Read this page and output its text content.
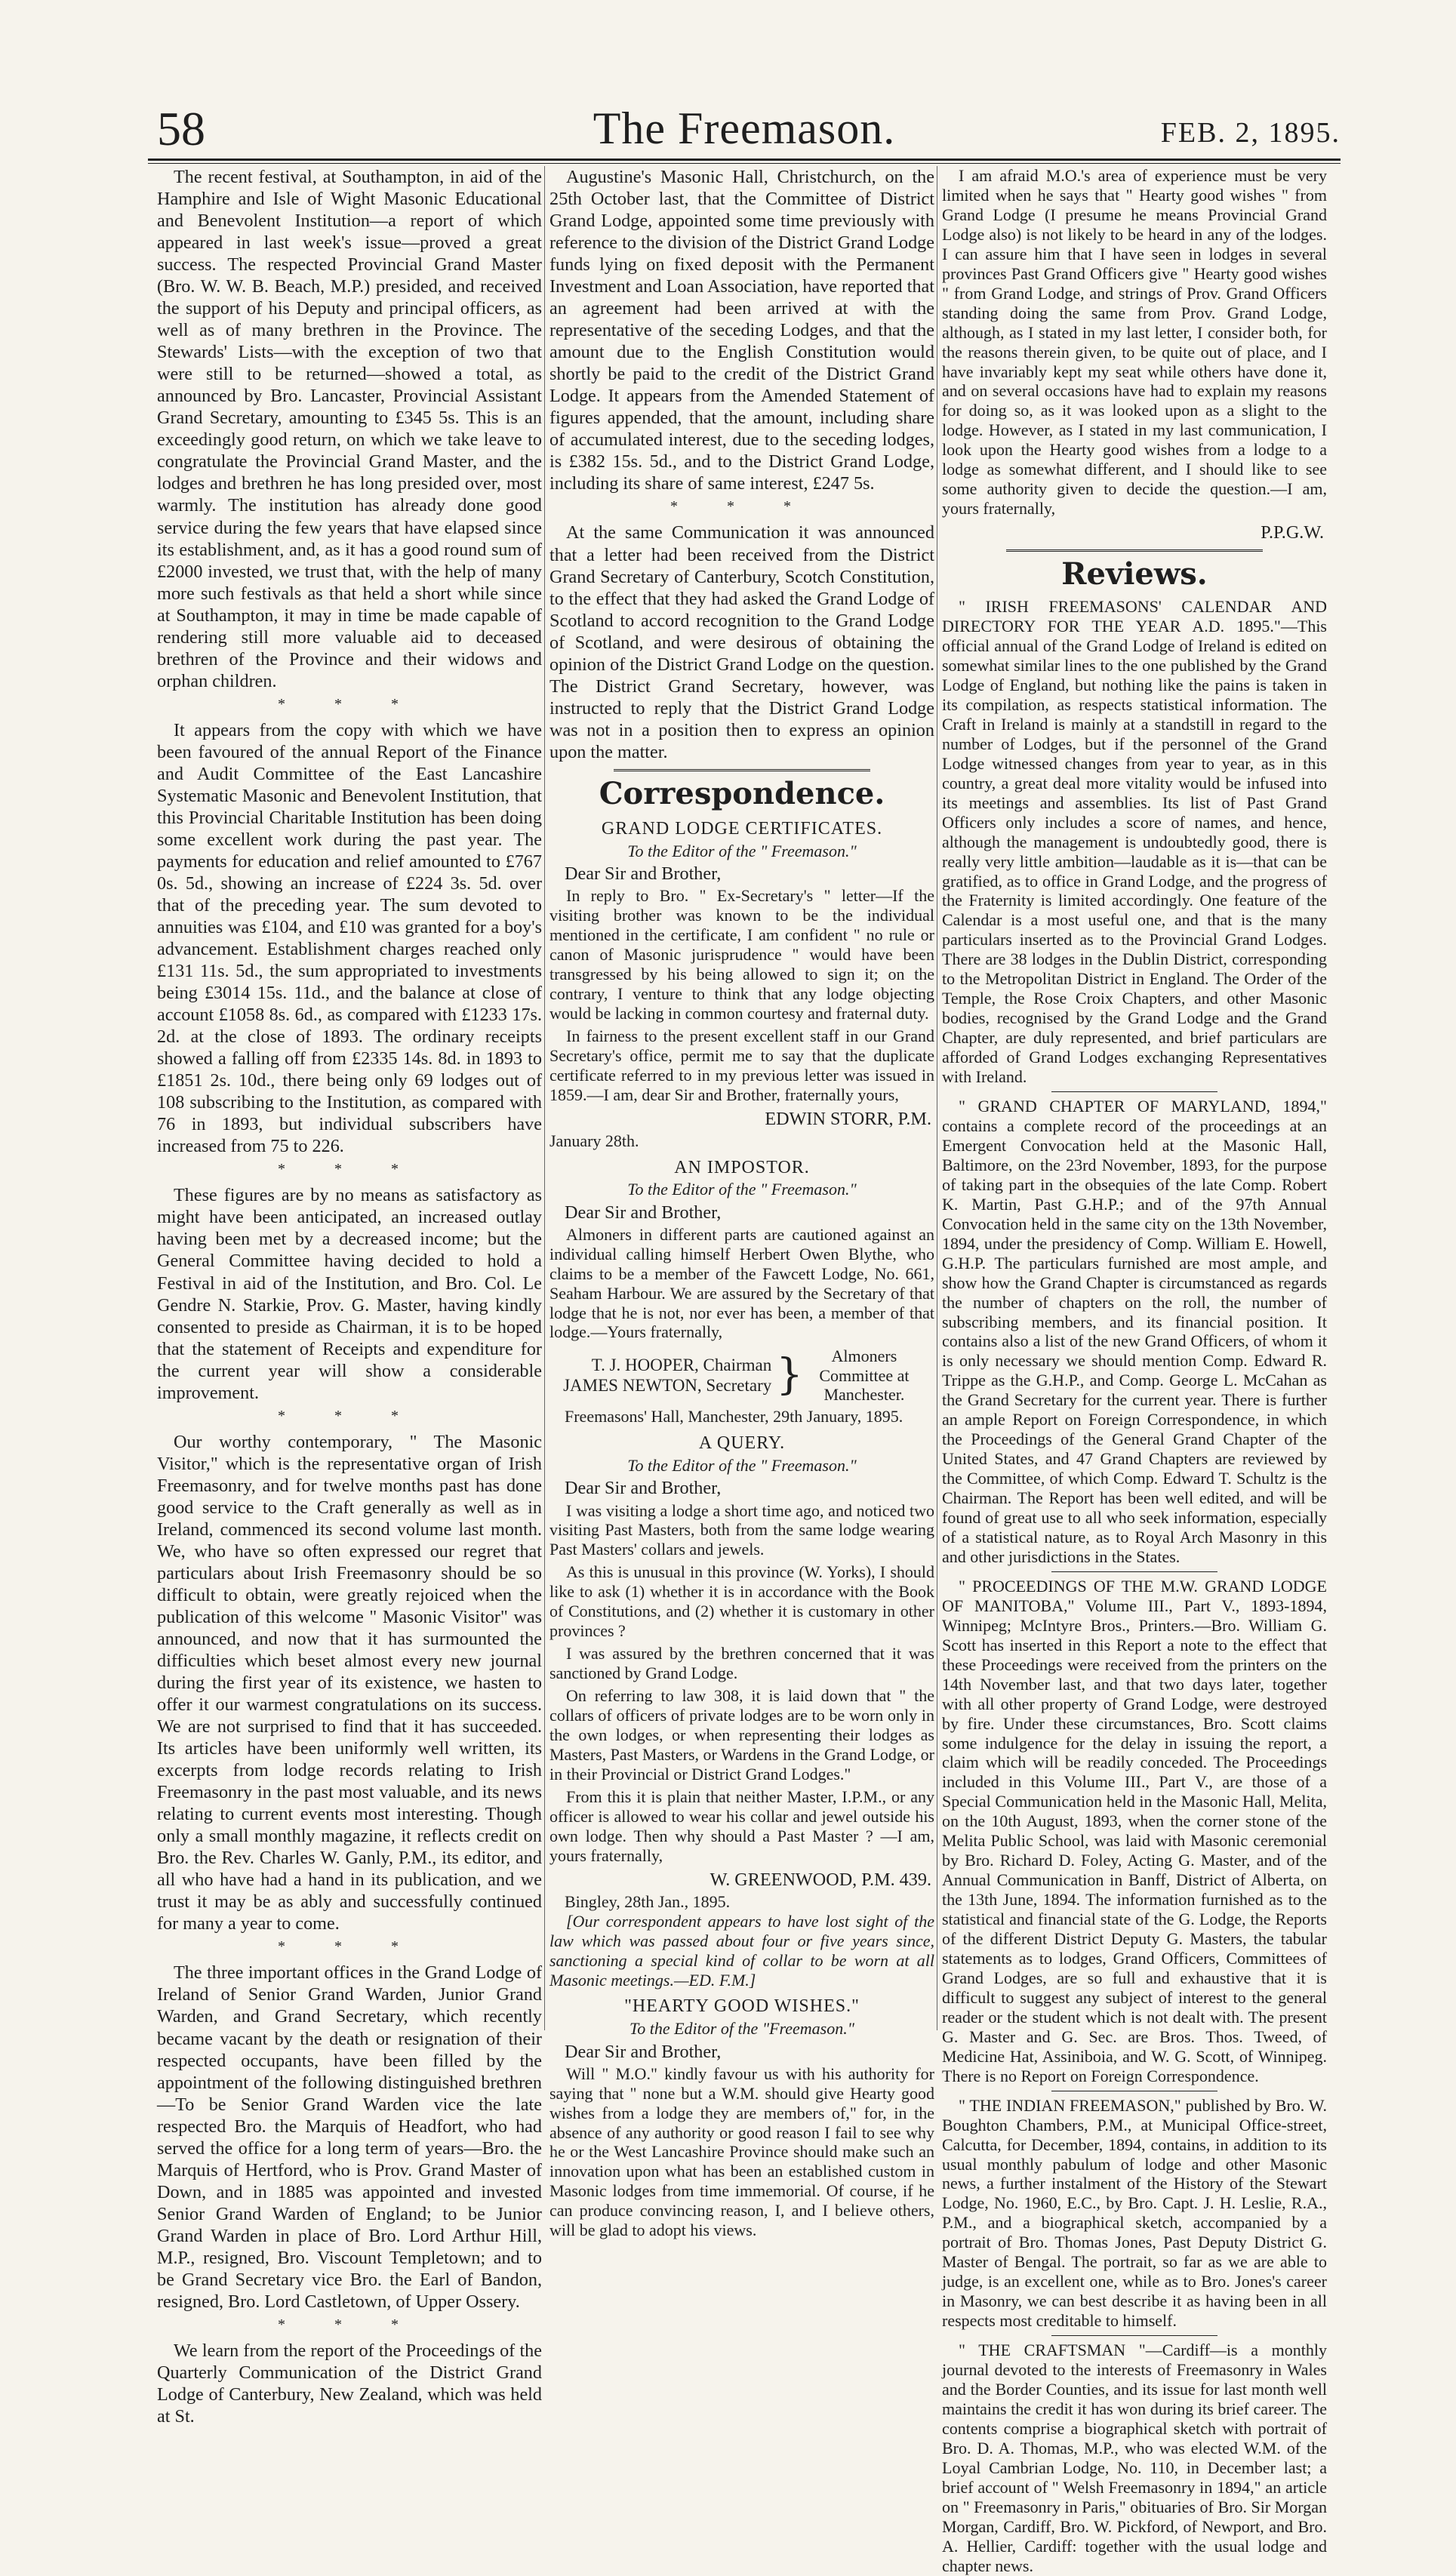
58	The Freemason.	FEB. 2, 1895.

The recent festival, at Southampton, in aid of the Hamphire and Isle of Wight Masonic Educational and Benevolent Institution—a report of which appeared in last week's issue—proved a great success. The respected Provincial Grand Master (Bro. W. W. B. Beach, M.P.) presided, and received the support of his Deputy and principal officers, as well as of many brethren in the Province. The Stewards' Lists—with the exception of two that were still to be returned—showed a total, as announced by Bro. Lancaster, Provincial Assistant Grand Secretary, amounting to £345 5s. This is an exceedingly good return, on which we take leave to congratulate the Provincial Grand Master, and the lodges and brethren he has long presided over, most warmly. The institution has already done good service during the few years that have elapsed since its establishment, and, as it has a good round sum of £2000 invested, we trust that, with the help of many more such festivals as that held a short while since at Southampton, it may in time be made capable of rendering still more valuable aid to deceased brethren of the Province and their widows and orphan children.

* * *

It appears from the copy with which we have been favoured of the annual Report of the Finance and Audit Committee of the East Lancashire Systematic Masonic and Benevolent Institution, that this Provincial Charitable Institution has been doing some excellent work during the past year. The payments for education and relief amounted to £767 0s. 5d., showing an increase of £224 3s. 5d. over that of the preceding year. The sum devoted to annuities was £104, and £10 was granted for a boy's advancement. Establishment charges reached only £131 11s. 5d., the sum appropriated to investments being £3014 15s. 11d., and the balance at close of account £1058 8s. 6d., as compared with £1233 17s. 2d. at the close of 1893. The ordinary receipts showed a falling off from £2335 14s. 8d. in 1893 to £1851 2s. 10d., there being only 69 lodges out of 108 subscribing to the Institution, as compared with 76 in 1893, but individual subscribers have increased from 75 to 226.

* * *

These figures are by no means as satisfactory as might have been anticipated, an increased outlay having been met by a decreased income; but the General Committee having decided to hold a Festival in aid of the Institution, and Bro. Col. Le Gendre N. Starkie, Prov. G. Master, having kindly consented to preside as Chairman, it is to be hoped that the statement of Receipts and expenditure for the current year will show a considerable improvement.

* * *

Our worthy contemporary, " The Masonic Visitor," which is the representative organ of Irish Freemasonry, and for twelve months past has done good service to the Craft generally as well as in Ireland, commenced its second volume last month. We, who have so often expressed our regret that particulars about Irish Freemasonry should be so difficult to obtain, were greatly rejoiced when the publication of this welcome " Masonic Visitor" was announced, and now that it has surmounted the difficulties which beset almost every new journal during the first year of its existence, we hasten to offer it our warmest congratulations on its success. We are not surprised to find that it has succeeded. Its articles have been uniformly well written, its excerpts from lodge records relating to Irish Freemasonry in the past most valuable, and its news relating to current events most interesting. Though only a small monthly magazine, it reflects credit on Bro. the Rev. Charles W. Ganly, P.M., its editor, and all who have had a hand in its publication, and we trust it may be as ably and successfully continued for many a year to come.

* * *

The three important offices in the Grand Lodge of Ireland of Senior Grand Warden, Junior Grand Warden, and Grand Secretary, which recently became vacant by the death or resignation of their respected occupants, have been filled by the appointment of the following distinguished brethren—To be Senior Grand Warden vice the late respected Bro. the Marquis of Headfort, who had served the office for a long term of years—Bro. the Marquis of Hertford, who is Prov. Grand Master of Down, and in 1885 was appointed and invested Senior Grand Warden of England; to be Junior Grand Warden in place of Bro. Lord Arthur Hill, M.P., resigned, Bro. Viscount Templetown; and to be Grand Secretary vice Bro. the Earl of Bandon, resigned, Bro. Lord Castletown, of Upper Ossery.

* * *

We learn from the report of the Proceedings of the Quarterly Communication of the District Grand Lodge of Canterbury, New Zealand, which was held at St.

Augustine's Masonic Hall, Christchurch, on the 25th October last, that the Committee of District Grand Lodge, appointed some time previously with reference to the division of the District Grand Lodge funds lying on fixed deposit with the Permanent Investment and Loan Association, have reported that an agreement had been arrived at with the representative of the seceding Lodges, and that the amount due to the English Constitution would shortly be paid to the credit of the District Grand Lodge. It appears from the Amended Statement of figures appended, that the amount, including share of accumulated interest, due to the seceding lodges, is £382 15s. 5d., and to the District Grand Lodge, including its share of same interest, £247 5s.

* * *

At the same Communication it was announced that a letter had been received from the District Grand Secretary of Canterbury, Scotch Constitution, to the effect that they had asked the Grand Lodge of Scotland to accord recognition to the Grand Lodge of Scotland, and were desirous of obtaining the opinion of the District Grand Lodge on the question. The District Grand Secretary, however, was instructed to reply that the District Grand Lodge was not in a position then to express an opinion upon the matter.

Correspondence.
GRAND LODGE CERTIFICATES.
To the Editor of the " Freemason."
Dear Sir and Brother,

In reply to Bro. " Ex-Secretary's " letter—If the visiting brother was known to be the individual mentioned in the certificate, I am confident " no rule or canon of Masonic jurisprudence " would have been transgressed by his being allowed to sign it; on the contrary, I venture to think that any lodge objecting would be lacking in common courtesy and fraternal duty.

In fairness to the present excellent staff in our Grand Secretary's office, permit me to say that the duplicate certificate referred to in my previous letter was issued in 1859.—I am, dear Sir and Brother, fraternally yours,

EDWIN STORR, P.M.
January 28th.
AN IMPOSTOR.
To the Editor of the " Freemason."
Dear Sir and Brother,

Almoners in different parts are cautioned against an individual calling himself Herbert Owen Blythe, who claims to be a member of the Fawcett Lodge, No. 661, Seaham Harbour. We are assured by the Secretary of that lodge that he is not, nor ever has been, a member of that lodge.—Yours fraternally,

T. J. HOOPER, Chairman
JAMES NEWTON, Secretary }	Almoners Committee at Manchester.
Freemasons' Hall, Manchester, 29th January, 1895.
A QUERY.
To the Editor of the " Freemason."
Dear Sir and Brother,

I was visiting a lodge a short time ago, and noticed two visiting Past Masters, both from the same lodge wearing Past Masters' collars and jewels.

As this is unusual in this province (W. Yorks), I should like to ask (1) whether it is in accordance with the Book of Constitutions, and (2) whether it is customary in other provinces ?

I was assured by the brethren concerned that it was sanctioned by Grand Lodge.

On referring to law 308, it is laid down that " the collars of officers of private lodges are to be worn only in the own lodges, or when representing their lodges as Masters, Past Masters, or Wardens in the Grand Lodge, or in their Provincial or District Grand Lodges."

From this it is plain that neither Master, I.P.M., or any officer is allowed to wear his collar and jewel outside his own lodge. Then why should a Past Master ? —I am, yours fraternally,

W. GREENWOOD, P.M. 439.
Bingley, 28th Jan., 1895.

[Our correspondent appears to have lost sight of the law which was passed about four or five years since, sanctioning a special kind of collar to be worn at all Masonic meetings.—ED. F.M.]

"HEARTY GOOD WISHES."
To the Editor of the "Freemason."
Dear Sir and Brother,

Will " M.O." kindly favour us with his authority for saying that " none but a W.M. should give Hearty good wishes from a lodge they are members of," for, in the absence of any authority or good reason I fail to see why he or the West Lancashire Province should make such an innovation upon what has been an established custom in Masonic lodges from time immemorial. Of course, if he can produce convincing reason, I, and I believe others, will be glad to adopt his views.

I am afraid M.O.'s area of experience must be very limited when he says that " Hearty good wishes " from Grand Lodge (I presume he means Provincial Grand Lodge also) is not likely to be heard in any of the lodges. I can assure him that I have seen in lodges in several provinces Past Grand Officers give " Hearty good wishes " from Grand Lodge, and strings of Prov. Grand Officers standing doing the same from Prov. Grand Lodge, although, as I stated in my last letter, I consider both, for the reasons therein given, to be quite out of place, and I have invariably kept my seat while others have done it, and on several occasions have had to explain my reasons for doing so, as it was looked upon as a slight to the lodge. However, as I stated in my last communication, I look upon the Hearty good wishes from a lodge to a lodge as somewhat different, and I should like to see some authority given to decide the question.—I am, yours fraternally,

P.P.G.W.
Reviews.

" IRISH FREEMASONS' CALENDAR AND DIRECTORY FOR THE YEAR A.D. 1895."—This official annual of the Grand Lodge of Ireland is edited on somewhat similar lines to the one published by the Grand Lodge of England, but nothing like the pains is taken in its compilation, as respects statistical information. The Craft in Ireland is mainly at a standstill in regard to the number of Lodges, but if the personnel of the Grand Lodge witnessed changes from year to year, as in this country, a great deal more vitality would be infused into its meetings and assemblies. Its list of Past Grand Officers only includes a score of names, and hence, although the management is undoubtedly good, there is really very little ambition—laudable as it is—that can be gratified, as to office in Grand Lodge, and the progress of the Fraternity is limited accordingly. One feature of the Calendar is a most useful one, and that is the many particulars inserted as to the Provincial Grand Lodges. There are 38 lodges in the Dublin District, corresponding to the Metropolitan District in England. The Order of the Temple, the Rose Croix Chapters, and other Masonic bodies, recognised by the Grand Lodge and the Grand Chapter, are duly represented, and brief particulars are afforded of Grand Lodges exchanging Representatives with Ireland.

" GRAND CHAPTER OF MARYLAND, 1894," contains a complete record of the proceedings at an Emergent Convocation held at the Masonic Hall, Baltimore, on the 23rd November, 1893, for the purpose of taking part in the obsequies of the late Comp. Robert K. Martin, Past G.H.P.; and of the 97th Annual Convocation held in the same city on the 13th November, 1894, under the presidency of Comp. William E. Howell, G.H.P. The particulars furnished are most ample, and show how the Grand Chapter is circumstanced as regards the number of chapters on the roll, the number of subscribing members, and its financial position. It contains also a list of the new Grand Officers, of whom it is only necessary we should mention Comp. Edward R. Trippe as the G.H.P., and Comp. George L. McCahan as the Grand Secretary for the current year. There is further an ample Report on Foreign Correspondence, in which the Proceedings of the General Grand Chapter of the United States, and 47 Grand Chapters are reviewed by the Committee, of which Comp. Edward T. Schultz is the Chairman. The Report has been well edited, and will be found of great use to all who seek information, especially of a statistical nature, as to Royal Arch Masonry in this and other jurisdictions in the States.

" PROCEEDINGS OF THE M.W. GRAND LODGE OF MANITOBA," Volume III., Part V., 1893-1894, Winnipeg; McIntyre Bros., Printers.—Bro. William G. Scott has inserted in this Report a note to the effect that these Proceedings were received from the printers on the 14th November last, and that two days later, together with all other property of Grand Lodge, were destroyed by fire. Under these circumstances, Bro. Scott claims some indulgence for the delay in issuing the report, a claim which will be readily conceded. The Proceedings included in this Volume III., Part V., are those of a Special Communication held in the Masonic Hall, Melita, on the 10th August, 1893, when the corner stone of the Melita Public School, was laid with Masonic ceremonial by Bro. Richard D. Foley, Acting G. Master, and of the Annual Communication in Banff, District of Alberta, on the 13th June, 1894. The information furnished as to the statistical and financial state of the G. Lodge, the Reports of the different District Deputy G. Masters, the tabular statements as to lodges, Grand Officers, Committees of Grand Lodges, are so full and exhaustive that it is difficult to suggest any subject of interest to the general reader or the student which is not dealt with. The present G. Master and G. Sec. are Bros. Thos. Tweed, of Medicine Hat, Assiniboia, and W. G. Scott, of Winnipeg. There is no Report on Foreign Correspondence.

" THE INDIAN FREEMASON," published by Bro. W. Boughton Chambers, P.M., at Municipal Office-street, Calcutta, for December, 1894, contains, in addition to its usual monthly pabulum of lodge and other Masonic news, a further instalment of the History of the Stewart Lodge, No. 1960, E.C., by Bro. Capt. J. H. Leslie, R.A., P.M., and a biographical sketch, accompanied by a portrait of Bro. Thomas Jones, Past Deputy District G. Master of Bengal. The portrait, so far as we are able to judge, is an excellent one, while as to Bro. Jones's career in Masonry, we can best describe it as having been in all respects most creditable to himself.

" THE CRAFTSMAN "—Cardiff—is a monthly journal devoted to the interests of Freemasonry in Wales and the Border Counties, and its issue for last month well maintains the credit it has won during its brief career. The contents comprise a biographical sketch with portrait of Bro. D. A. Thomas, M.P., who was elected W.M. of the Loyal Cambrian Lodge, No. 110, in December last; a brief account of " Welsh Freemasonry in 1894," an article on " Freemasonry in Paris," obituaries of Bro. Sir Morgan Morgan, Cardiff, Bro. W. Pickford, of Newport, and Bro. A. Hellier, Cardiff: together with the usual lodge and chapter news.
